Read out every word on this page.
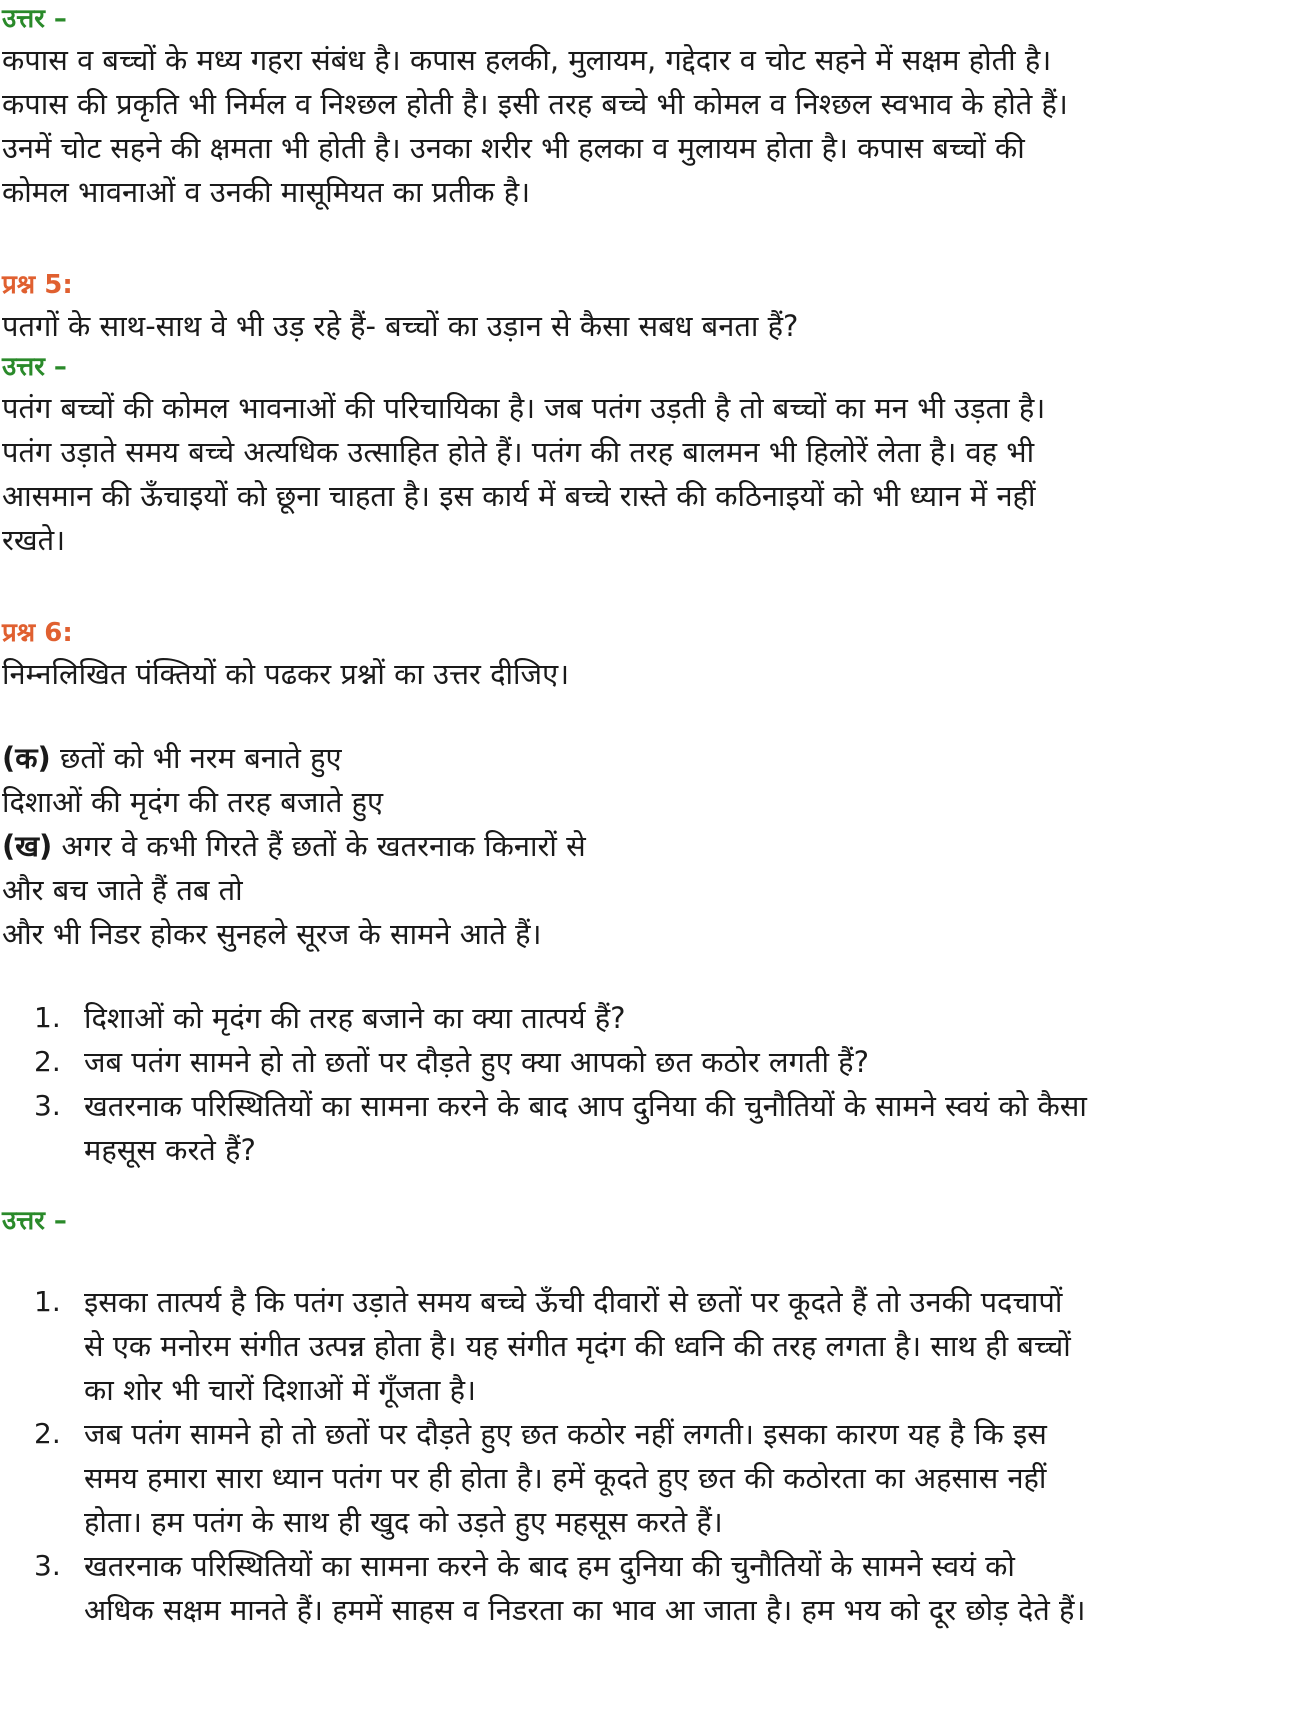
उत्तर –
कपास व बच्चों के मध्य गहरा संबंध है। कपास हलकी, मुलायम, गद्देदार व चोट सहने में सक्षम होती है।
कपास की प्रकृति भी निर्मल व निश्छल होती है। इसी तरह बच्चे भी कोमल व निश्छल स्वभाव के होते हैं।
उनमें चोट सहने की क्षमता भी होती है। उनका शरीर भी हलका व मुलायम होता है। कपास बच्चों की
कोमल भावनाओं व उनकी मासूमियत का प्रतीक है।
प्रश्न 5:
पतगों के साथ-साथ वे भी उड़ रहे हैं- बच्चों का उड़ान से कैसा सबध बनता हैं?
उत्तर –
पतंग बच्चों की कोमल भावनाओं की परिचायिका है। जब पतंग उड़ती है तो बच्चों का मन भी उड़ता है।
पतंग उड़ाते समय बच्चे अत्यधिक उत्साहित होते हैं। पतंग की तरह बालमन भी हिलोरें लेता है। वह भी
आसमान की ऊँचाइयों को छूना चाहता है। इस कार्य में बच्चे रास्ते की कठिनाइयों को भी ध्यान में नहीं
रखते।
प्रश्न 6:
निम्नलिखित पंक्तियों को पढकर प्रश्नों का उत्तर दीजिए।
(क) छतों को भी नरम बनाते हुए
दिशाओं की मृदंग की तरह बजाते हुए
(ख) अगर वे कभी गिरते हैं छतों के खतरनाक किनारों से
और बच जाते हैं तब तो
और भी निडर होकर सुनहले सूरज के सामने आते हैं।
1. दिशाओं को मृदंग की तरह बजाने का क्या तात्पर्य हैं?
2. जब पतंग सामने हो तो छतों पर दौड़ते हुए क्या आपको छत कठोर लगती हैं?
3. खतरनाक परिस्थितियों का सामना करने के बाद आप दुनिया की चुनौतियों के सामने स्वयं को कैसा
महसूस करते हैं?
उत्तर –
1. इसका तात्पर्य है कि पतंग उड़ाते समय बच्चे ऊँची दीवारों से छतों पर कूदते हैं तो उनकी पदचापों
से एक मनोरम संगीत उत्पन्न होता है। यह संगीत मृदंग की ध्वनि की तरह लगता है। साथ ही बच्चों
का शोर भी चारों दिशाओं में गूँजता है।
2. जब पतंग सामने हो तो छतों पर दौड़ते हुए छत कठोर नहीं लगती। इसका कारण यह है कि इस
समय हमारा सारा ध्यान पतंग पर ही होता है। हमें कूदते हुए छत की कठोरता का अहसास नहीं
होता। हम पतंग के साथ ही खुद को उड़ते हुए महसूस करते हैं।
3. खतरनाक परिस्थितियों का सामना करने के बाद हम दुनिया की चुनौतियों के सामने स्वयं को
अधिक सक्षम मानते हैं। हममें साहस व निडरता का भाव आ जाता है। हम भय को दूर छोड़ देते हैं।
